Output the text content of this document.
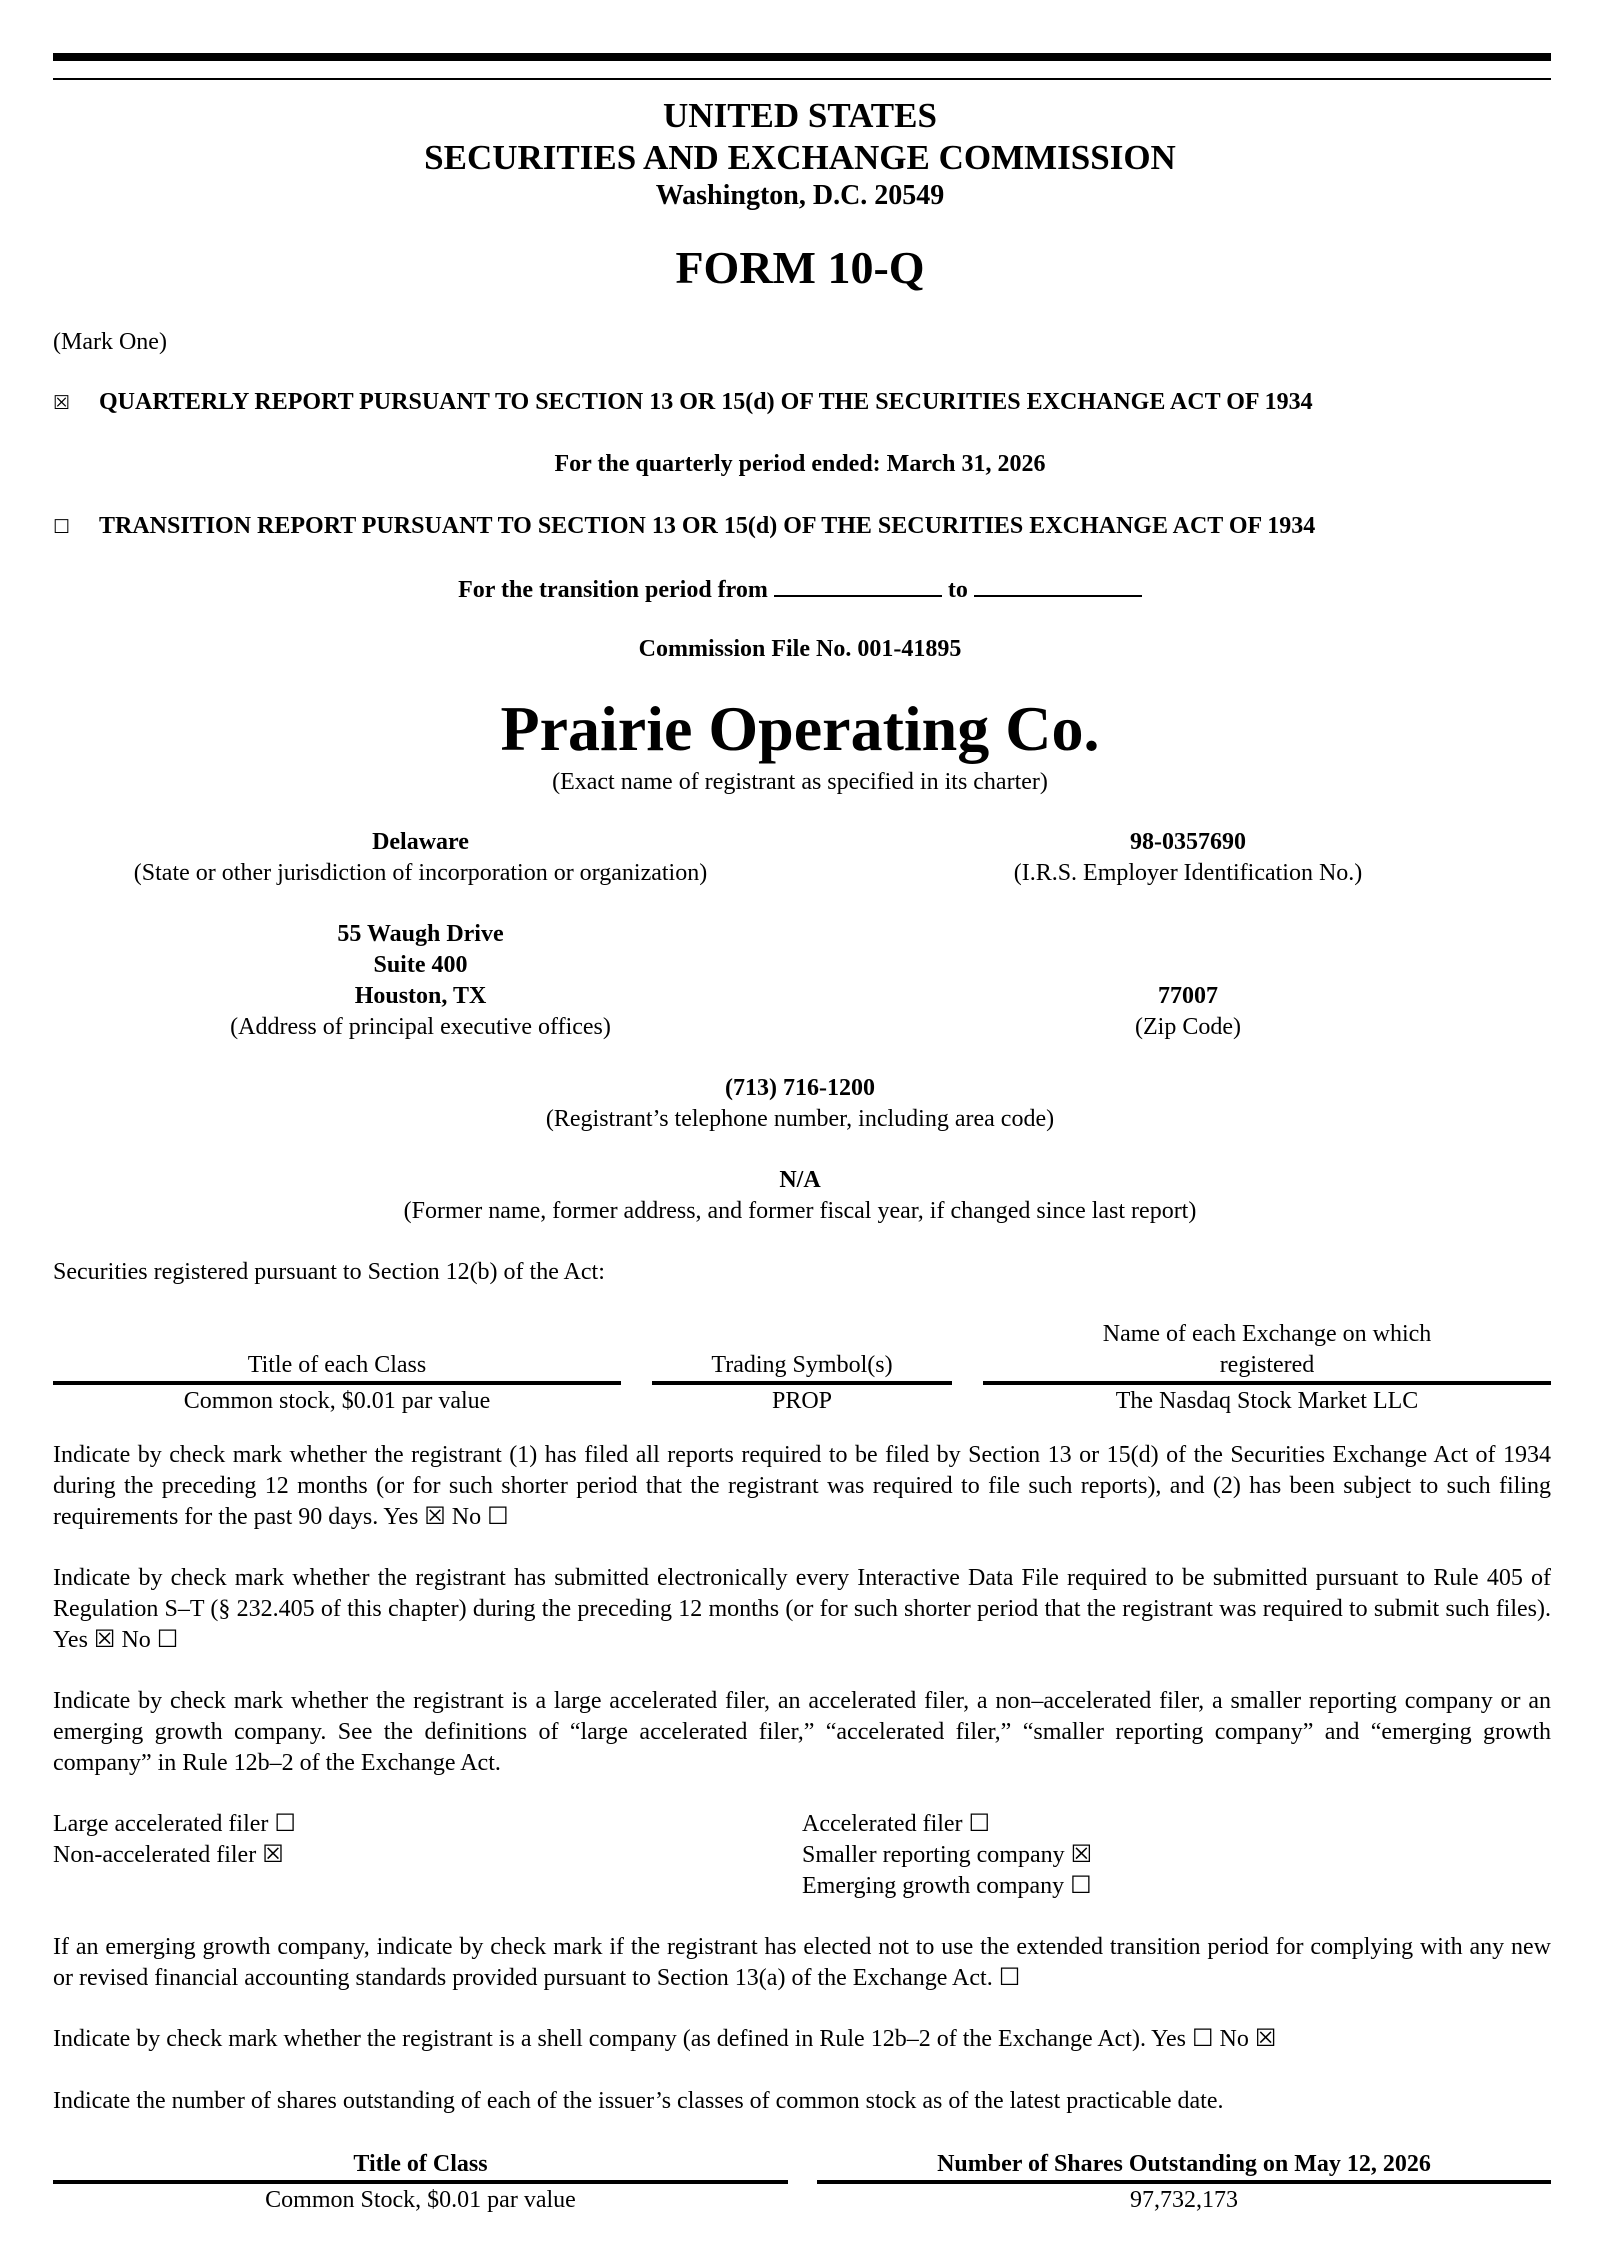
UNITED STATES
SECURITIES AND EXCHANGE COMMISSION
Washington, D.C. 20549
FORM 10-Q
(Mark One)
☒ QUARTERLY REPORT PURSUANT TO SECTION 13 OR 15(d) OF THE SECURITIES EXCHANGE ACT OF 1934
For the quarterly period ended: March 31, 2026
☐ TRANSITION REPORT PURSUANT TO SECTION 13 OR 15(d) OF THE SECURITIES EXCHANGE ACT OF 1934
For the transition period from	to
Commission File No. 001-41895
Prairie Operating Co.
(Exact name of registrant as specified in its charter)
Delaware
(State or other jurisdiction of incorporation or organization)
98-0357690
(I.R.S. Employer Identification No.)
55 Waugh Drive
Suite 400
Houston, TX
(Address of principal executive offices)
77007
(Zip Code)
(713) 716-1200
(Registrant’s telephone number, including area code)
N/A
(Former name, former address, and former fiscal year, if changed since last report)
Securities registered pursuant to Section 12(b) of the Act:
Title of each Class	Trading Symbol(s)
Name of each Exchange on which
registered
Common stock, $0.01 par value	PROP	The Nasdaq Stock Market LLC
Indicate by check mark whether the registrant (1) has filed all reports required to be filed by Section 13 or 15(d) of the Securities Exchange Act of 1934 during the preceding 12 months (or for such shorter period that the registrant was required to file such reports), and (2) has been subject to such filing requirements for the past 90 days. Yes ☒ No ☐
Indicate by check mark whether the registrant has submitted electronically every Interactive Data File required to be submitted pursuant to Rule 405 of Regulation S–T (§ 232.405 of this chapter) during the preceding 12 months (or for such shorter period that the registrant was required to submit such files). Yes ☒ No ☐
Indicate by check mark whether the registrant is a large accelerated filer, an accelerated filer, a non–accelerated filer, a smaller reporting company or an emerging growth company. See the definitions of “large accelerated filer,” “accelerated filer,” “smaller reporting company” and “emerging growth company” in Rule 12b–2 of the Exchange Act.
Large accelerated filer ☐
Non-accelerated filer ☒
Accelerated filer ☐
Smaller reporting company ☒
Emerging growth company ☐
If an emerging growth company, indicate by check mark if the registrant has elected not to use the extended transition period for complying with any new or revised financial accounting standards provided pursuant to Section 13(a) of the Exchange Act. ☐
Indicate by check mark whether the registrant is a shell company (as defined in Rule 12b–2 of the Exchange Act). Yes ☐ No ☒
Indicate the number of shares outstanding of each of the issuer’s classes of common stock as of the latest practicable date.
Title of Class	Number of Shares Outstanding on May 12, 2026
Common Stock, $0.01 par value	97,732,173
